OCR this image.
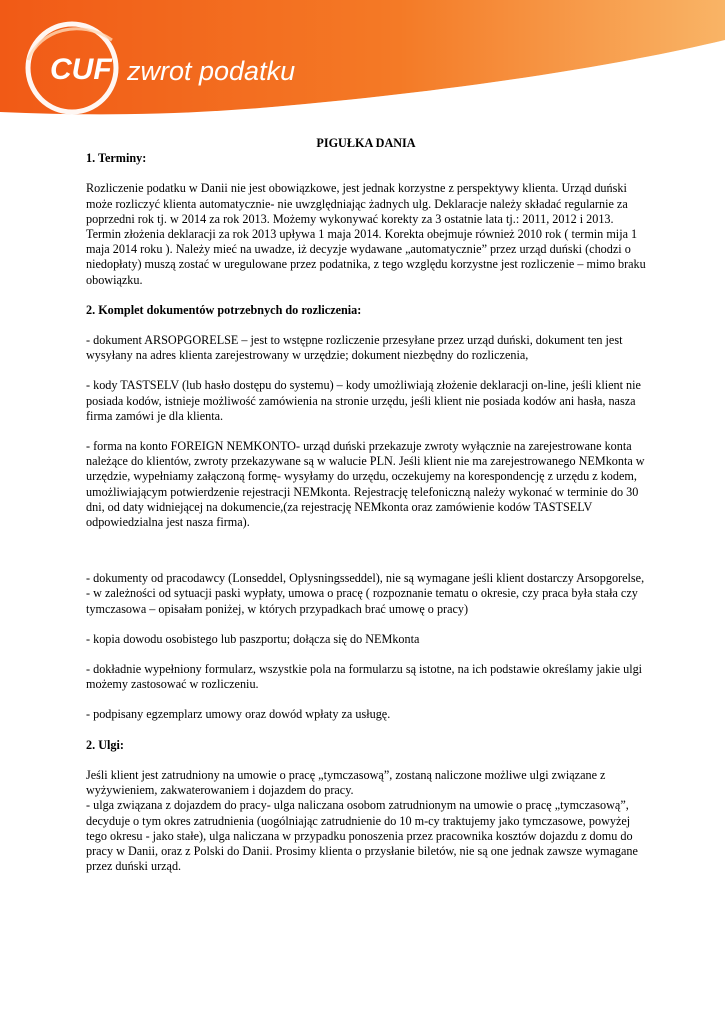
CUF zwrot podatku

PIGUŁKA DANIA

1. Terminy:

Rozliczenie podatku w Danii nie jest obowiązkowe, jest jednak korzystne z perspektywy klienta. Urząd duński może rozliczyć klienta automatycznie- nie uwzględniając żadnych ulg. Deklaracje należy składać regularnie za poprzedni rok tj. w 2014 za rok 2013. Możemy wykonywać korekty za 3 ostatnie lata tj.: 2011, 2012 i 2013. Termin złożenia deklaracji za rok 2013 upływa 1 maja 2014. Korekta obejmuje również 2010 rok ( termin mija 1 maja 2014 roku ). Należy mieć na uwadze, iż decyzje wydawane „automatycznie” przez urząd duński (chodzi o niedopłaty) muszą zostać w uregulowane przez podatnika, z tego względu korzystne jest rozliczenie – mimo braku obowiązku.

2. Komplet dokumentów potrzebnych do rozliczenia:

- dokument ARSOPGORELSE – jest to wstępne rozliczenie przesyłane przez urząd duński, dokument ten jest wysyłany na adres klienta zarejestrowany w urzędzie; dokument niezbędny do rozliczenia,

- kody TASTSELV (lub hasło dostępu do systemu) – kody umożliwiają złożenie deklaracji on-line, jeśli klient nie posiada kodów, istnieje możliwość zamówienia na stronie urzędu, jeśli klient nie posiada kodów ani hasła, nasza firma zamówi je dla klienta.

- forma na konto FOREIGN NEMKONTO- urząd duński przekazuje zwroty wyłącznie na zarejestrowane konta należące do klientów, zwroty przekazywane są w walucie PLN. Jeśli klient nie ma zarejestrowanego NEMkonta w urzędzie, wypełniamy załączoną formę- wysyłamy do urzędu, oczekujemy na korespondencję z urzędu z kodem, umożliwiającym potwierdzenie rejestracji NEMkonta. Rejestrację telefoniczną należy wykonać w terminie do 30 dni, od daty widniejącej na dokumencie,(za rejestrację NEMkonta oraz zamówienie kodów TASTSELV odpowiedzialna jest nasza firma).

- dokumenty od pracodawcy (Lonseddel, Oplysningsseddel), nie są wymagane jeśli klient dostarczy Arsopgorelse, - w zależności od sytuacji paski wypłaty, umowa o pracę ( rozpoznanie tematu o okresie, czy praca była stała czy tymczasowa – opisałam poniżej, w których przypadkach brać umowę o pracy)

- kopia dowodu osobistego lub paszportu; dołącza się do NEMkonta

- dokładnie wypełniony formularz, wszystkie pola na formularzu są istotne, na ich podstawie określamy jakie ulgi możemy zastosować w rozliczeniu.

- podpisany egzemplarz umowy oraz dowód wpłaty za usługę.

2. Ulgi:

Jeśli klient jest zatrudniony na umowie o pracę „tymczasową”, zostaną naliczone możliwe ulgi związane z wyżywieniem, zakwaterowaniem i dojazdem do pracy.

- ulga związana z dojazdem do pracy- ulga naliczana osobom zatrudnionym na umowie o pracę „tymczasową”, decyduje o tym okres zatrudnienia (uogólniając zatrudnienie do 10 m-cy traktujemy jako tymczasowe, powyżej tego okresu - jako stałe), ulga naliczana w przypadku ponoszenia przez pracownika kosztów dojazdu z domu do pracy w Danii, oraz z Polski do Danii. Prosimy klienta o przysłanie biletów, nie są one jednak zawsze wymagane przez duński urząd.
